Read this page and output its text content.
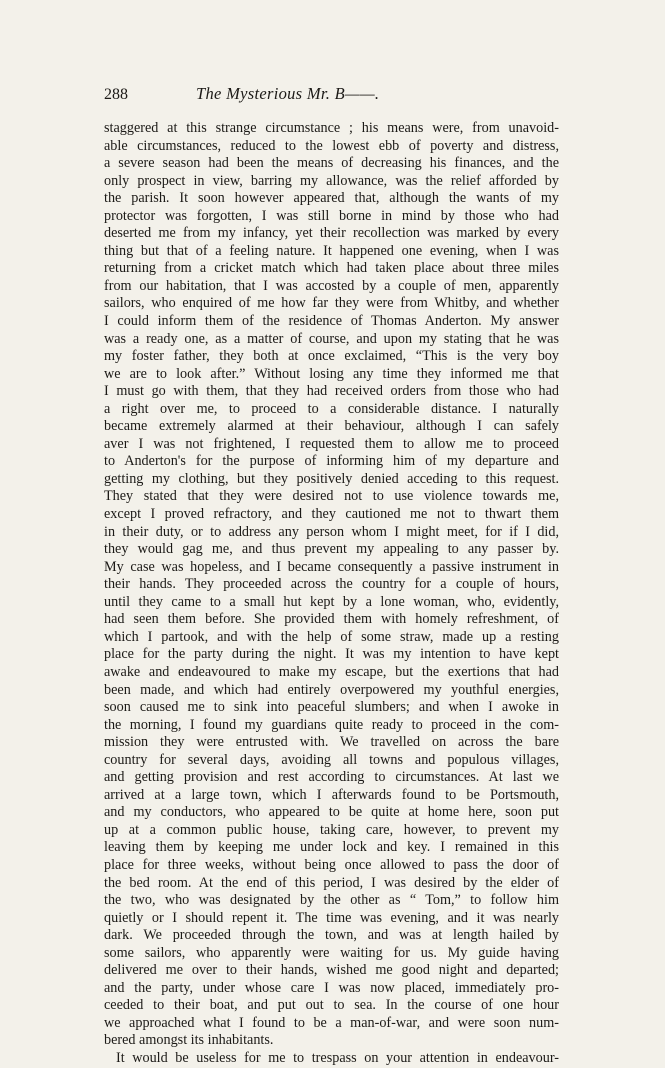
288	The Mysterious Mr. B——.
staggered at this strange circumstance ; his means were, from unavoid-
able circumstances, reduced to the lowest ebb of poverty and distress,
a severe season had been the means of decreasing his finances, and the
only prospect in view, barring my allowance, was the relief afforded by
the parish. It soon however appeared that, although the wants of my
protector was forgotten, I was still borne in mind by those who had
deserted me from my infancy, yet their recollection was marked by every
thing but that of a feeling nature. It happened one evening, when I was
returning from a cricket match which had taken place about three miles
from our habitation, that I was accosted by a couple of men, apparently
sailors, who enquired of me how far they were from Whitby, and whether
I could inform them of the residence of Thomas Anderton. My answer
was a ready one, as a matter of course, and upon my stating that he was
my foster father, they both at once exclaimed, “This is the very boy
we are to look after.” Without losing any time they informed me that
I must go with them, that they had received orders from those who had
a right over me, to proceed to a considerable distance. I naturally
became extremely alarmed at their behaviour, although I can safely
aver I was not frightened, I requested them to allow me to proceed
to Anderton's for the purpose of informing him of my departure and
getting my clothing, but they positively denied acceding to this request.
They stated that they were desired not to use violence towards me,
except I proved refractory, and they cautioned me not to thwart them
in their duty, or to address any person whom I might meet, for if I did,
they would gag me, and thus prevent my appealing to any passer by.
My case was hopeless, and I became consequently a passive instrument in
their hands. They proceeded across the country for a couple of hours,
until they came to a small hut kept by a lone woman, who, evidently,
had seen them before. She provided them with homely refreshment, of
which I partook, and with the help of some straw, made up a resting
place for the party during the night. It was my intention to have kept
awake and endeavoured to make my escape, but the exertions that had
been made, and which had entirely overpowered my youthful energies,
soon caused me to sink into peaceful slumbers; and when I awoke in
the morning, I found my guardians quite ready to proceed in the com-
mission they were entrusted with. We travelled on across the bare
country for several days, avoiding all towns and populous villages,
and getting provision and rest according to circumstances. At last we
arrived at a large town, which I afterwards found to be Portsmouth,
and my conductors, who appeared to be quite at home here, soon put
up at a common public house, taking care, however, to prevent my
leaving them by keeping me under lock and key. I remained in this
place for three weeks, without being once allowed to pass the door of
the bed room. At the end of this period, I was desired by the elder of
the two, who was designated by the other as “ Tom,” to follow him
quietly or I should repent it. The time was evening, and it was nearly
dark. We proceeded through the town, and was at length hailed by
some sailors, who apparently were waiting for us. My guide having
delivered me over to their hands, wished me good night and departed;
and the party, under whose care I was now placed, immediately pro-
ceeded to their boat, and put out to sea. In the course of one hour
we approached what I found to be a man-of-war, and were soon num-
bered amongst its inhabitants.
It would be useless for me to trespass on your attention in endeavour-
